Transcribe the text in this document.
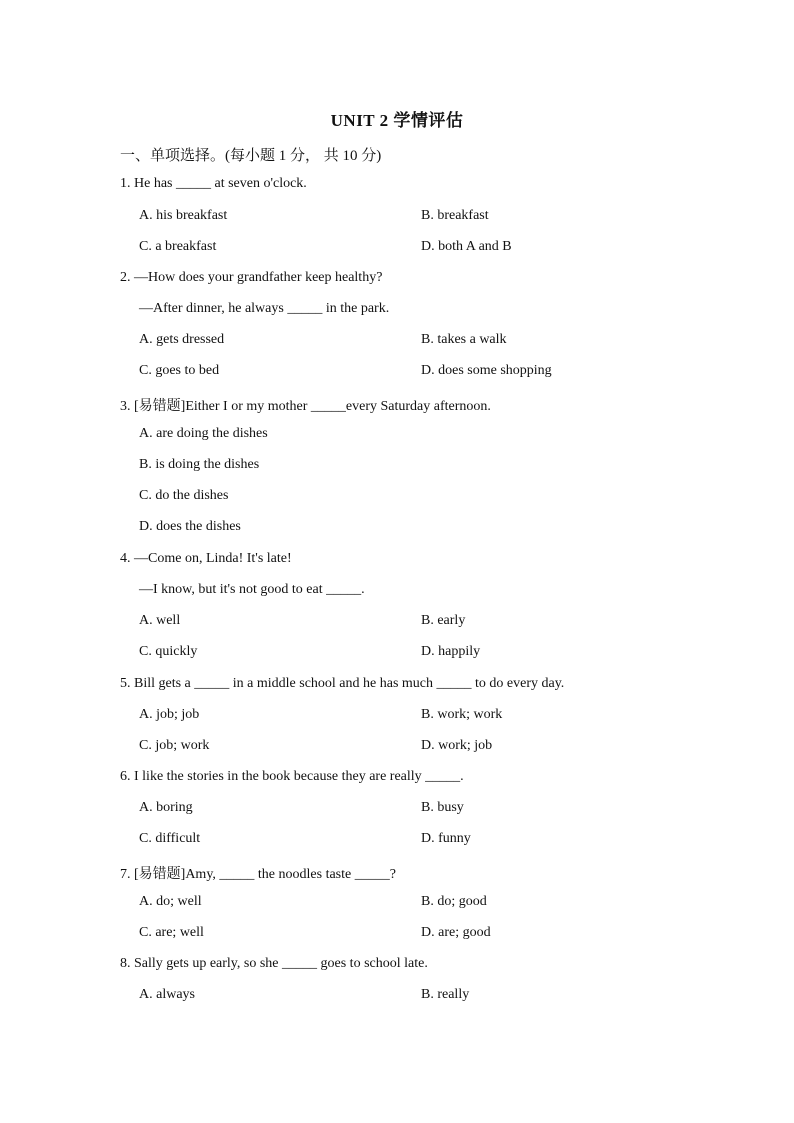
UNIT 2 学情评估
一、单项选择。(每小题 1 分， 共 10 分)
1. He has _____ at seven o'clock.
A. his breakfast	B. breakfast
C. a breakfast	D. both A and B
2. —How does your grandfather keep healthy?
—After dinner, he always _____ in the park.
A. gets dressed	B. takes a walk
C. goes to bed	D. does some shopping
3. [易错题]Either I or my mother _____every Saturday afternoon.
A. are doing the dishes
B. is doing the dishes
C. do the dishes
D. does the dishes
4. —Come on, Linda! It's late!
—I know, but it's not good to eat _____.
A. well	B. early
C. quickly	D. happily
5. Bill gets a _____ in a middle school and he has much _____ to do every day.
A. job; job	B. work; work
C. job; work	D. work; job
6. I like the stories in the book because they are really _____.
A. boring	B. busy
C. difficult	D. funny
7. [易错题]Amy, _____ the noodles taste _____?
A. do; well	B. do; good
C. are; well	D. are; good
8. Sally gets up early, so she _____ goes to school late.
A. always	B. really
